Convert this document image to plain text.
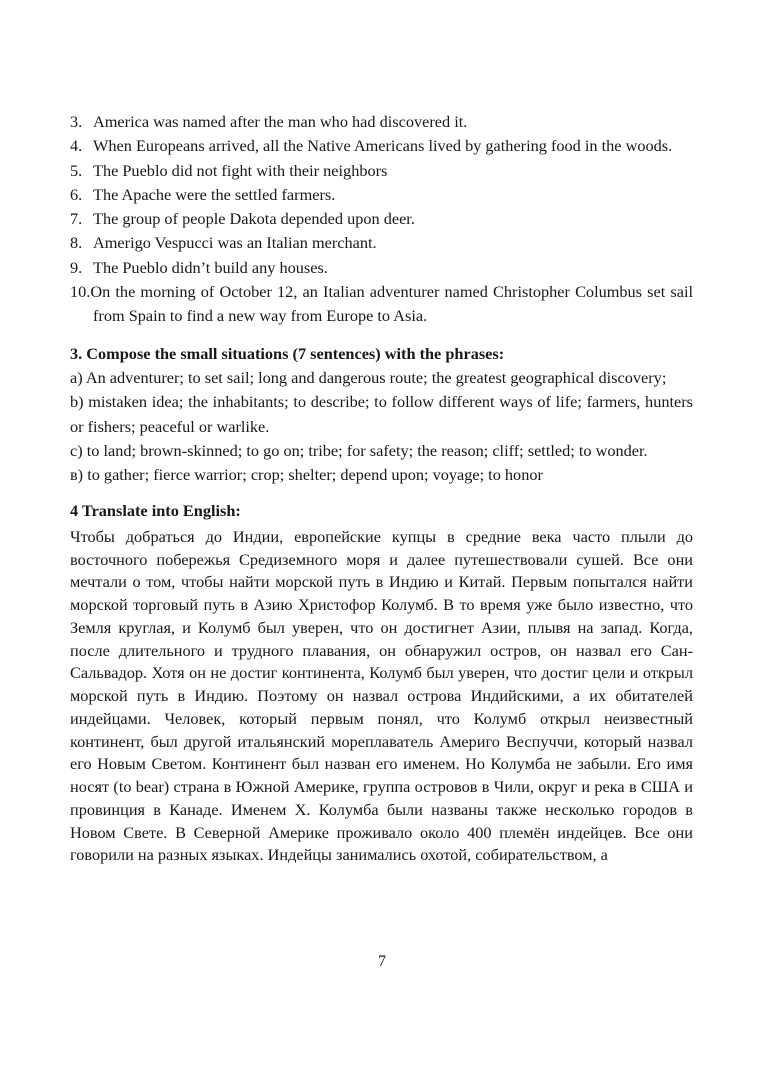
3. America was named after the man who had discovered it.
4. When Europeans arrived, all the Native Americans lived by gathering food in the woods.
5. The Pueblo did not fight with their neighbors
6. The Apache were the settled farmers.
7. The group of people Dakota depended upon deer.
8. Amerigo Vespucci was an Italian merchant.
9. The Pueblo didn’t build any houses.
10.On the morning of October 12, an Italian adventurer named Christopher Columbus set sail from Spain to find a new way from Europe to Asia.

3. Compose the small situations (7 sentences) with the phrases:

a) An adventurer; to set sail; long and dangerous route; the greatest geographical discovery;

b) mistaken idea; the inhabitants; to describe; to follow different ways of life; farmers, hunters or fishers; peaceful or warlike.

c) to land; brown-skinned; to go on; tribe; for safety; the reason; cliff; settled; to wonder.

в) to gather; fierce warrior; crop; shelter; depend upon; voyage; to honor

4 Translate into English:

Чтобы добраться до Индии, европейские купцы в средние века часто плыли до восточного побережья Средиземного моря и далее путешествовали сушей. Все они мечтали о том, чтобы найти морской путь в Индию и Китай. Первым попытался найти морской торговый путь в Азию Христофор Колумб. В то время уже было известно, что Земля круглая, и Колумб был уверен, что он достигнет Азии, плывя на запад. Когда, после длительного и трудного плавания, он обнаружил остров, он назвал его Сан-Сальвадор. Хотя он не достиг континента, Колумб был уверен, что достиг цели и открыл морской путь в Индию. Поэтому он назвал острова Индийскими, а их обитателей индейцами. Человек, который первым понял, что Колумб открыл неизвестный континент, был другой итальянский мореплаватель Америго Веспуччи, который назвал его Новым Светом. Континент был назван его именем. Но Колумба не забыли. Его имя носят (to bear) страна в Южной Америке, группа островов в Чили, округ и река в США и провинция в Канаде. Именем Х. Колумба были названы также несколько городов в Новом Свете. В Северной Америке проживало около 400 племён индейцев. Все они говорили на разных языках. Индейцы занимались охотой, собирательством, а

7
